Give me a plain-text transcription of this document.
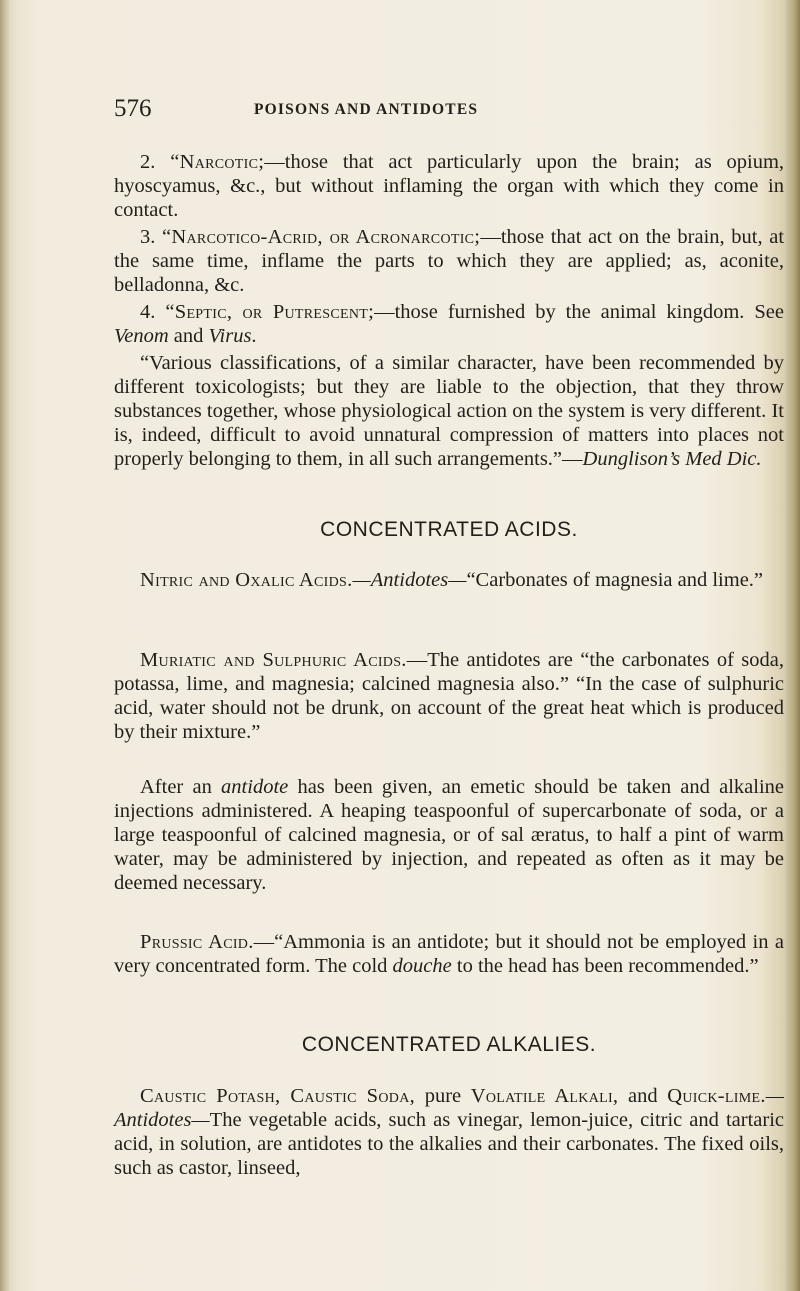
576	POISONS AND ANTIDOTES

2. “Narcotic;—those that act particularly upon the brain; as opium, hyoscyamus, &c., but without inflaming the organ with which they come in contact.

3. “Narcotico-Acrid, or Acronarcotic;—those that act on the brain, but, at the same time, inflame the parts to which they are applied; as, aconite, belladonna, &c.

4. “Septic, or Putrescent;—those furnished by the animal kingdom. See Venom and Virus.

“Various classifications, of a similar character, have been recommended by different toxicologists; but they are liable to the objection, that they throw substances together, whose physiological action on the system is very different. It is, indeed, difficult to avoid unnatural compression of matters into places not properly belonging to them, in all such arrangements.”—Dunglison’s Med Dic.

CONCENTRATED ACIDS.

Nitric and Oxalic Acids.—Antidotes—“Carbonates of magnesia and lime.”

Muriatic and Sulphuric Acids.—The antidotes are “the carbonates of soda, potassa, lime, and magnesia; calcined magnesia also.” “In the case of sulphuric acid, water should not be drunk, on account of the great heat which is produced by their mixture.”

After an antidote has been given, an emetic should be taken and alkaline injections administered. A heaping teaspoonful of supercarbonate of soda, or a large teaspoonful of calcined magnesia, or of sal æratus, to half a pint of warm water, may be administered by injection, and repeated as often as it may be deemed necessary.

Prussic Acid.—“Ammonia is an antidote; but it should not be employed in a very concentrated form. The cold douche to the head has been recommended.”

CONCENTRATED ALKALIES.

Caustic Potash, Caustic Soda, pure Volatile Alkali, and Quick-lime.—Antidotes—The vegetable acids, such as vinegar, lemon-juice, citric and tartaric acid, in solution, are antidotes to the alkalies and their carbonates. The fixed oils, such as castor, linseed,
